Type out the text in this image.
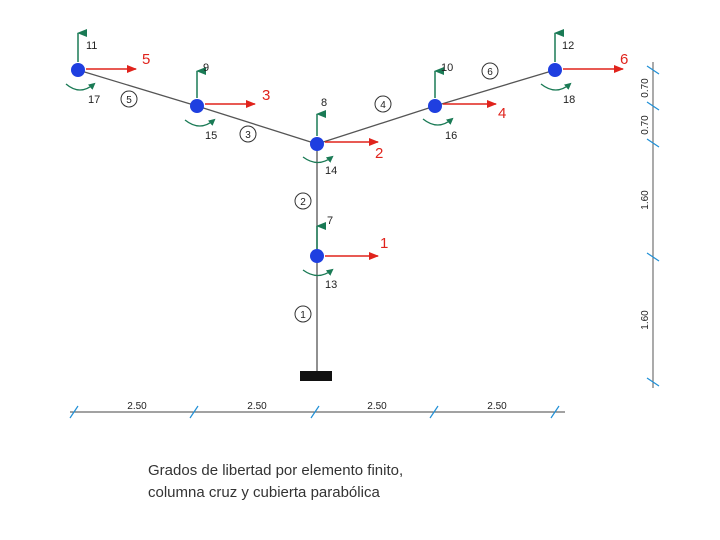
11
5
17	5
9
3
15	3
8
2
14
2
10
4
16
4
12
6
18
6
7
1
13
1
2.50	2.50	2.50	2.50
0.70
0.70
1.60
1.60
Grados de libertad por elemento finito,
columna cruz y cubierta parabólica
